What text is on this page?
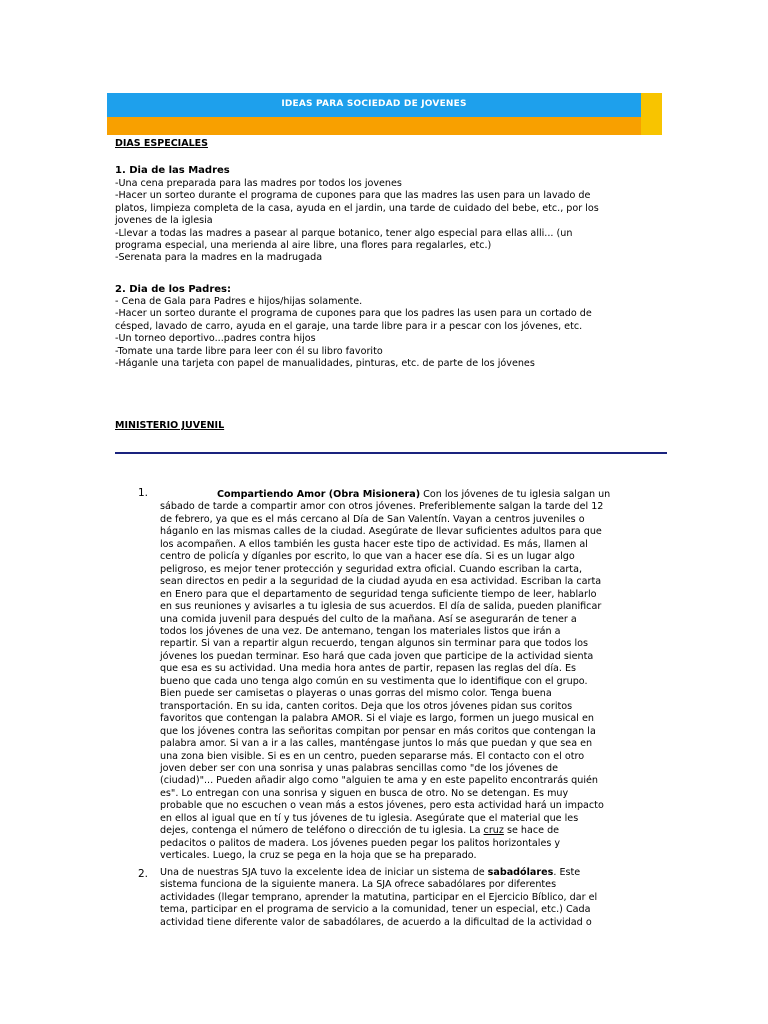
IDEAS PARA SOCIEDAD DE JOVENES
DIAS ESPECIALES
1. Dia de las Madres
-Una cena preparada para las madres por todos los jovenes
-Hacer un sorteo durante el programa de cupones para que las madres las usen para un lavado de
platos, limpieza completa de la casa, ayuda en el jardin, una tarde de cuidado del bebe, etc., por los
jovenes de la iglesia
-Llevar a todas las madres a pasear al parque botanico, tener algo especial para ellas alli... (un
programa especial, una merienda al aire libre, una flores para regalarles, etc.)
-Serenata para la madres en la madrugada
2. Dia de los Padres:
- Cena de Gala para Padres e hijos/hijas solamente.
-Hacer un sorteo durante el programa de cupones para que los padres las usen para un cortado de
césped, lavado de carro, ayuda en el garaje, una tarde libre para ir a pescar con los jóvenes, etc.
-Un torneo deportivo...padres contra hijos
-Tomate una tarde libre para leer con él su libro favorito
-Háganle una tarjeta con papel de manualidades, pinturas, etc. de parte de los jóvenes
MINISTERIO JUVENIL
1.	Compartiendo Amor (Obra Misionera) Con los jóvenes de tu iglesia salgan un
sábado de tarde a compartir amor con otros jóvenes. Preferiblemente salgan la tarde del 12
de febrero, ya que es el más cercano al Día de San Valentín. Vayan a centros juveniles o
háganlo en las mismas calles de la ciudad. Asegúrate de llevar suficientes adultos para que
los acompañen. A ellos también les gusta hacer este tipo de actividad. Es más, llamen al
centro de policía y díganles por escrito, lo que van a hacer ese día. Si es un lugar algo
peligroso, es mejor tener protección y seguridad extra oficial. Cuando escriban la carta,
sean directos en pedir a la seguridad de la ciudad ayuda en esa actividad. Escriban la carta
en Enero para que el departamento de seguridad tenga suficiente tiempo de leer, hablarlo
en sus reuniones y avisarles a tu iglesia de sus acuerdos. El día de salida, pueden planificar
una comida juvenil para después del culto de la mañana. Así se asegurarán de tener a
todos los jóvenes de una vez. De antemano, tengan los materiales listos que irán a
repartir. Si van a repartir algun recuerdo, tengan algunos sin terminar para que todos los
jóvenes los puedan terminar. Eso hará que cada joven que participe de la actividad sienta
que esa es su actividad. Una media hora antes de partir, repasen las reglas del día. Es
bueno que cada uno tenga algo común en su vestimenta que lo identifique con el grupo.
Bien puede ser camisetas o playeras o unas gorras del mismo color. Tenga buena
transportación. En su ida, canten coritos. Deja que los otros jóvenes pidan sus coritos
favoritos que contengan la palabra AMOR. Si el viaje es largo, formen un juego musical en
que los jóvenes contra las señoritas compitan por pensar en más coritos que contengan la
palabra amor. Si van a ir a las calles, manténgase juntos lo más que puedan y que sea en
una zona bien visible. Si es en un centro, pueden separarse más. El contacto con el otro
joven deber ser con una sonrisa y unas palabras sencillas como "de los jóvenes de
(ciudad)"... Pueden añadir algo como "alguien te ama y en este papelito encontrarás quién
es". Lo entregan con una sonrisa y siguen en busca de otro. No se detengan. Es muy
probable que no escuchen o vean más a estos jóvenes, pero esta actividad hará un impacto
en ellos al igual que en tí y tus jóvenes de tu iglesia. Asegúrate que el material que les
dejes, contenga el número de teléfono o dirección de tu iglesia. La cruz se hace de
pedacitos o palitos de madera. Los jóvenes pueden pegar los palitos horizontales y
verticales. Luego, la cruz se pega en la hoja que se ha preparado.
2. Una de nuestras SJA tuvo la excelente idea de iniciar un sistema de sabadólares. Este
sistema funciona de la siguiente manera. La SJA ofrece sabadólares por diferentes
actividades (llegar temprano, aprender la matutina, participar en el Ejercicio Bíblico, dar el
tema, participar en el programa de servicio a la comunidad, tener un especial, etc.) Cada
actividad tiene diferente valor de sabadólares, de acuerdo a la dificultad de la actividad o
